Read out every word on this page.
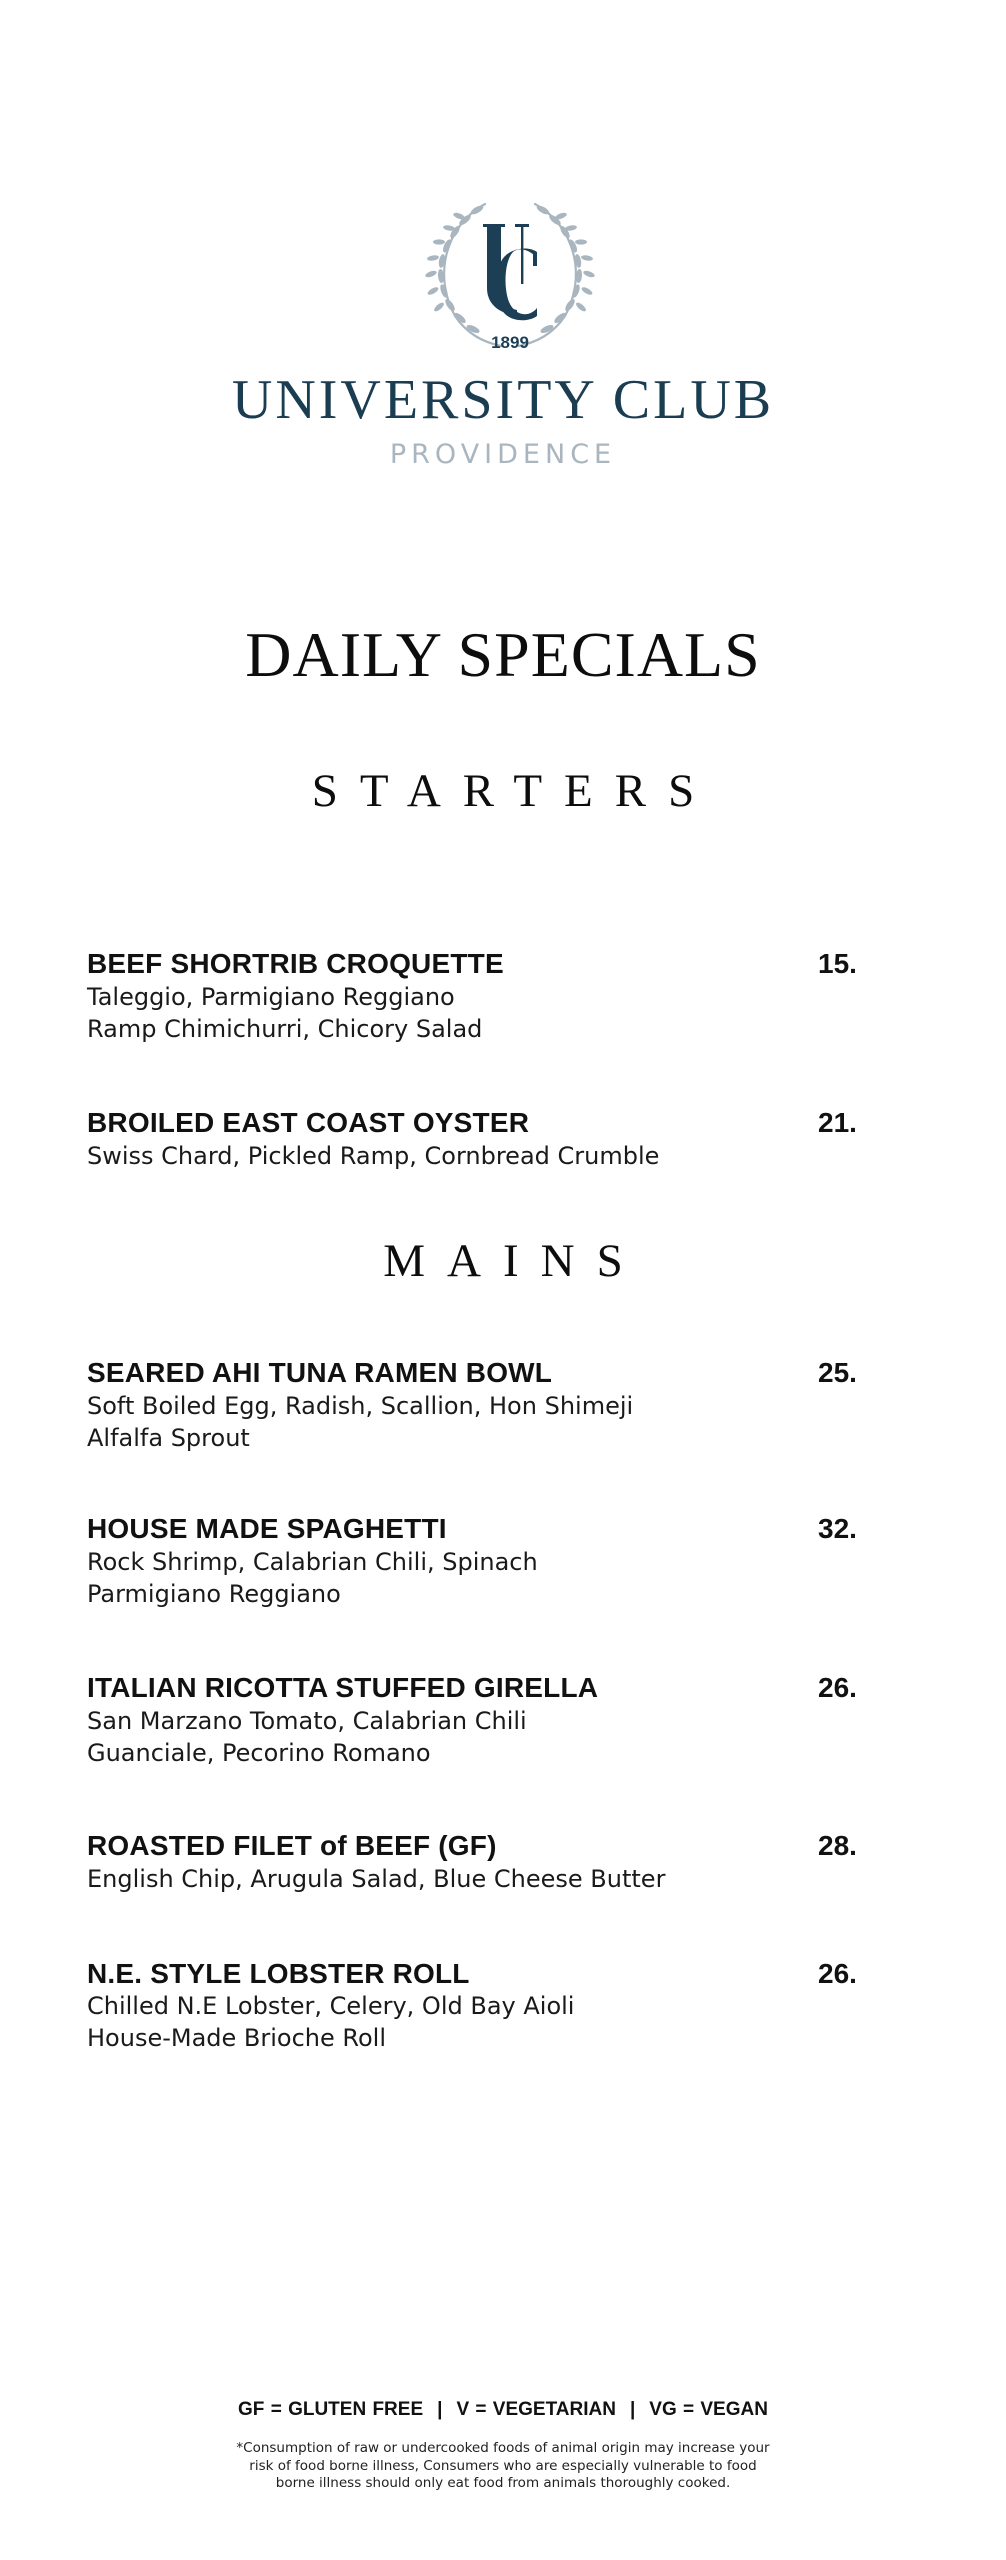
1899
UNIVERSITY CLUB
PROVIDENCE
DAILY SPECIALS
STARTERS
BEEF SHORTRIB CROQUETTE	15.
Taleggio, Parmigiano Reggiano
Ramp Chimichurri, Chicory Salad
BROILED EAST COAST OYSTER	21.
Swiss Chard, Pickled Ramp, Cornbread Crumble
MAINS
SEARED AHI TUNA RAMEN BOWL	25.
Soft Boiled Egg, Radish, Scallion, Hon Shimeji
Alfalfa Sprout
HOUSE MADE SPAGHETTI	32.
Rock Shrimp, Calabrian Chili, Spinach
Parmigiano Reggiano
ITALIAN RICOTTA STUFFED GIRELLA	26.
San Marzano Tomato, Calabrian Chili
Guanciale, Pecorino Romano
ROASTED FILET of BEEF (GF)	28.
English Chip, Arugula Salad, Blue Cheese Butter
N.E. STYLE LOBSTER ROLL	26.
Chilled N.E Lobster, Celery, Old Bay Aioli
House-Made Brioche Roll
GF = GLUTEN FREE | V = VEGETARIAN | VG = VEGAN
*Consumption of raw or undercooked foods of animal origin may increase your
risk of food borne illness, Consumers who are especially vulnerable to food
borne illness should only eat food from animals thoroughly cooked.
